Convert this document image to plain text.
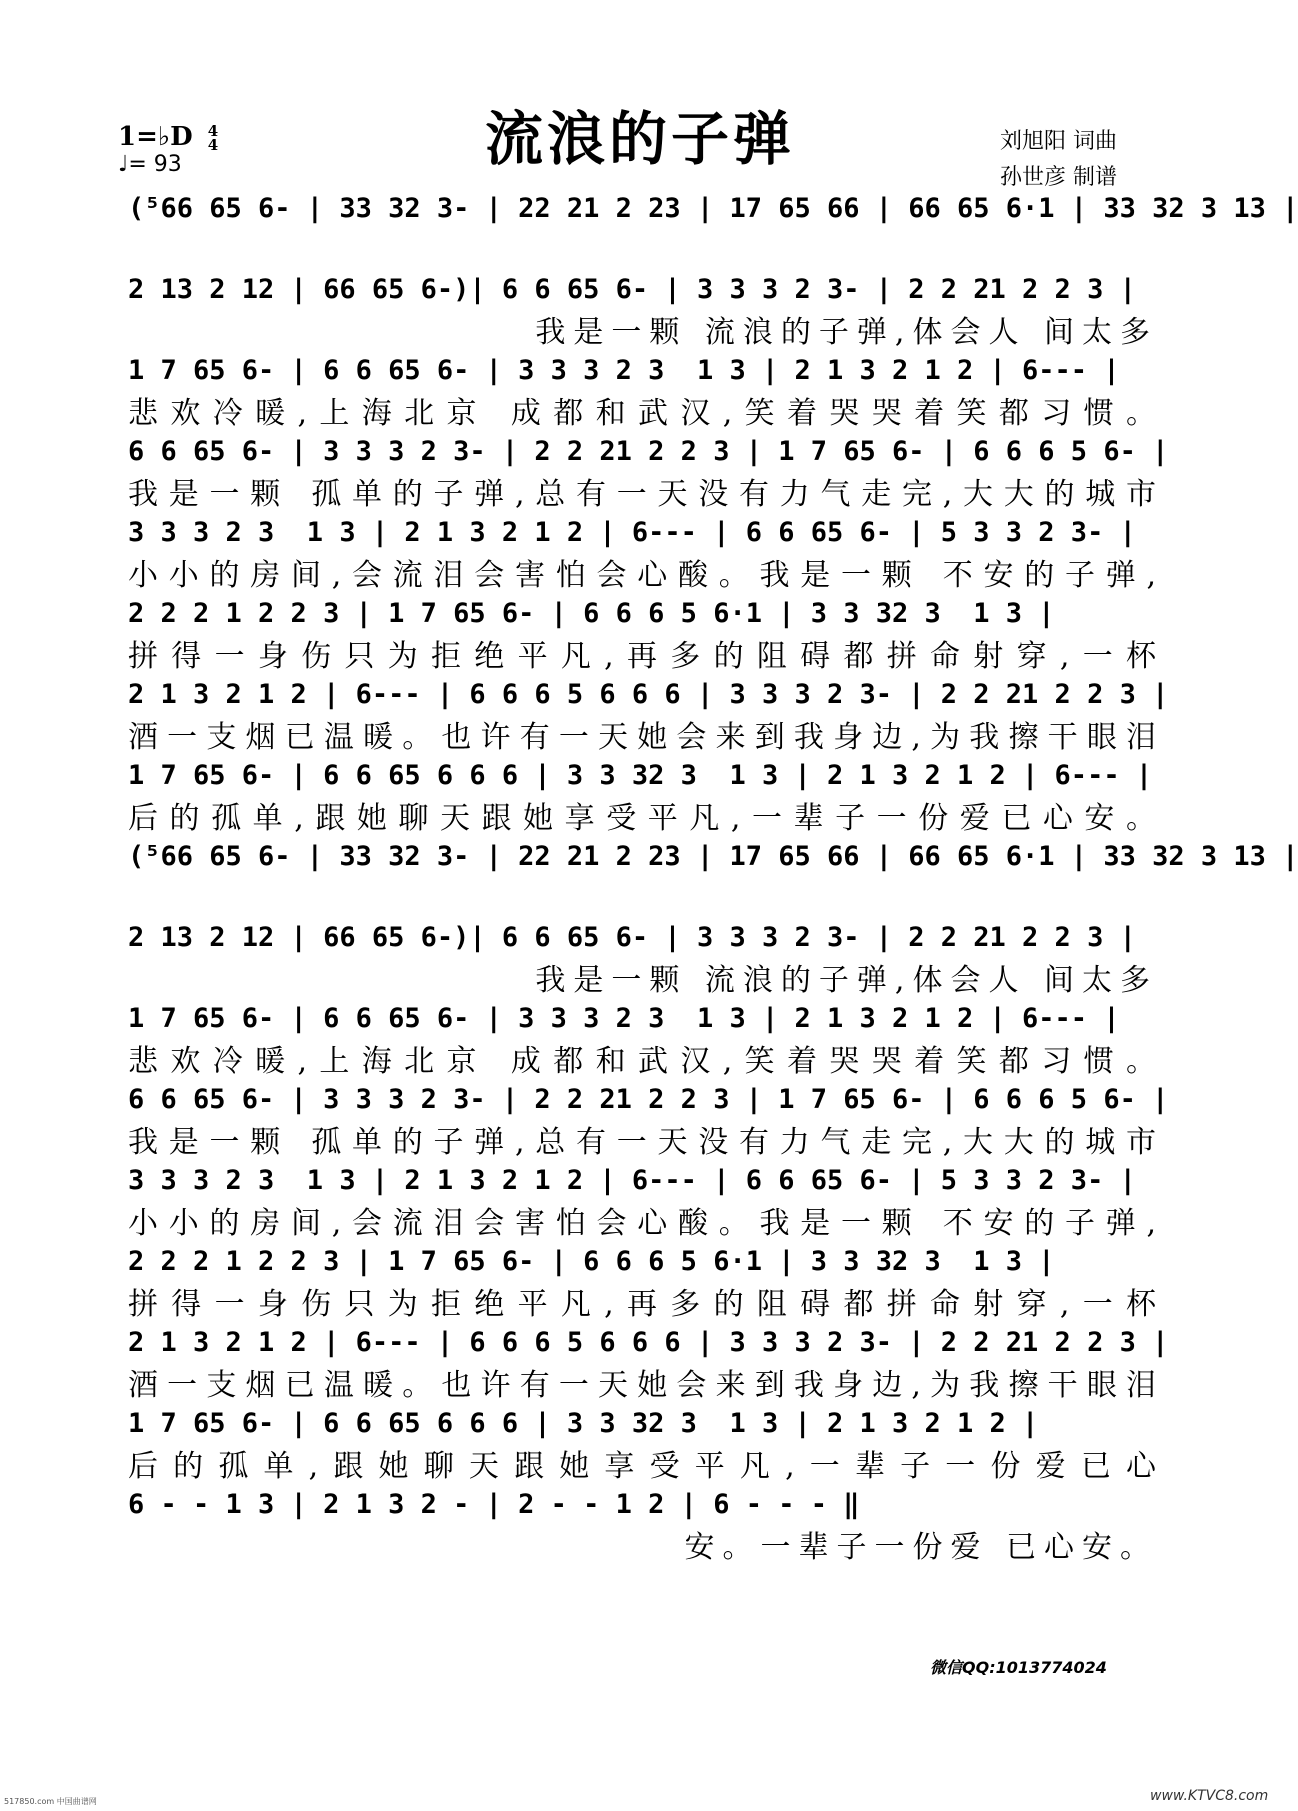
流浪的子弹
1=♭D 4
4
♩= 93
刘旭阳 词曲
孙世彦 制谱
(⁵66 65 6- | 33 32 3- | 22 21 2 23 | 17 65 66 | 66 65 6·1 | 33 32 3 13 |
2 13 2 12 | 66 65 6-)| 6 6 65 6- | 3 3 3 2 3- | 2 2 21 2 2 3 |
我是一颗 流浪的子弹,体会人 间太多
1 7 65 6- | 6 6 65 6- | 3 3 3 2 3  1 3 | 2 1 3 2 1 2 | 6--- |
悲欢冷暖,上海北京 成都和武汉,笑着哭哭着笑都习惯。
6 6 65 6- | 3 3 3 2 3- | 2 2 21 2 2 3 | 1 7 65 6- | 6 6 6 5 6- |
我是一颗 孤单的子弹,总有一天没有力气走完,大大的城市
3 3 3 2 3  1 3 | 2 1 3 2 1 2 | 6--- | 6 6 65 6- | 5 3 3 2 3- |
小小的房间,会流泪会害怕会心酸。我是一颗 不安的子弹,
2 2 2 1 2 2 3 | 1 7 65 6- | 6 6 6 5 6·1 | 3 3 32 3  1 3 |
拼得一身伤只为拒绝平凡,再多的阻碍都拼命射穿,一杯
2 1 3 2 1 2 | 6--- | 6 6 6 5 6 6 6 | 3 3 3 2 3- | 2 2 21 2 2 3 |
酒一支烟已温暖。也许有一天她会来到我身边,为我擦干眼泪
1 7 65 6- | 6 6 65 6 6 6 | 3 3 32 3  1 3 | 2 1 3 2 1 2 | 6--- |
后的孤单,跟她聊天跟她享受平凡,一辈子一份爱已心安。
(⁵66 65 6- | 33 32 3- | 22 21 2 23 | 17 65 66 | 66 65 6·1 | 33 32 3 13 |
2 13 2 12 | 66 65 6-)| 6 6 65 6- | 3 3 3 2 3- | 2 2 21 2 2 3 |
我是一颗 流浪的子弹,体会人 间太多
1 7 65 6- | 6 6 65 6- | 3 3 3 2 3  1 3 | 2 1 3 2 1 2 | 6--- |
悲欢冷暖,上海北京 成都和武汉,笑着哭哭着笑都习惯。
6 6 65 6- | 3 3 3 2 3- | 2 2 21 2 2 3 | 1 7 65 6- | 6 6 6 5 6- |
我是一颗 孤单的子弹,总有一天没有力气走完,大大的城市
3 3 3 2 3  1 3 | 2 1 3 2 1 2 | 6--- | 6 6 65 6- | 5 3 3 2 3- |
小小的房间,会流泪会害怕会心酸。我是一颗 不安的子弹,
2 2 2 1 2 2 3 | 1 7 65 6- | 6 6 6 5 6·1 | 3 3 32 3  1 3 |
拼得一身伤只为拒绝平凡,再多的阻碍都拼命射穿,一杯
2 1 3 2 1 2 | 6--- | 6 6 6 5 6 6 6 | 3 3 3 2 3- | 2 2 21 2 2 3 |
酒一支烟已温暖。也许有一天她会来到我身边,为我擦干眼泪
1 7 65 6- | 6 6 65 6 6 6 | 3 3 32 3  1 3 | 2 1 3 2 1 2 |
后的孤单,跟她聊天跟她享受平凡,一辈子一份爱已心
6 - - 1 3 | 2 1 3 2 - | 2 - - 1 2 | 6 - - - ‖
安。一辈子一份爱 已心安。
微信QQ:1013774024
517850.com 中国曲谱网	www.KTVC8.com
